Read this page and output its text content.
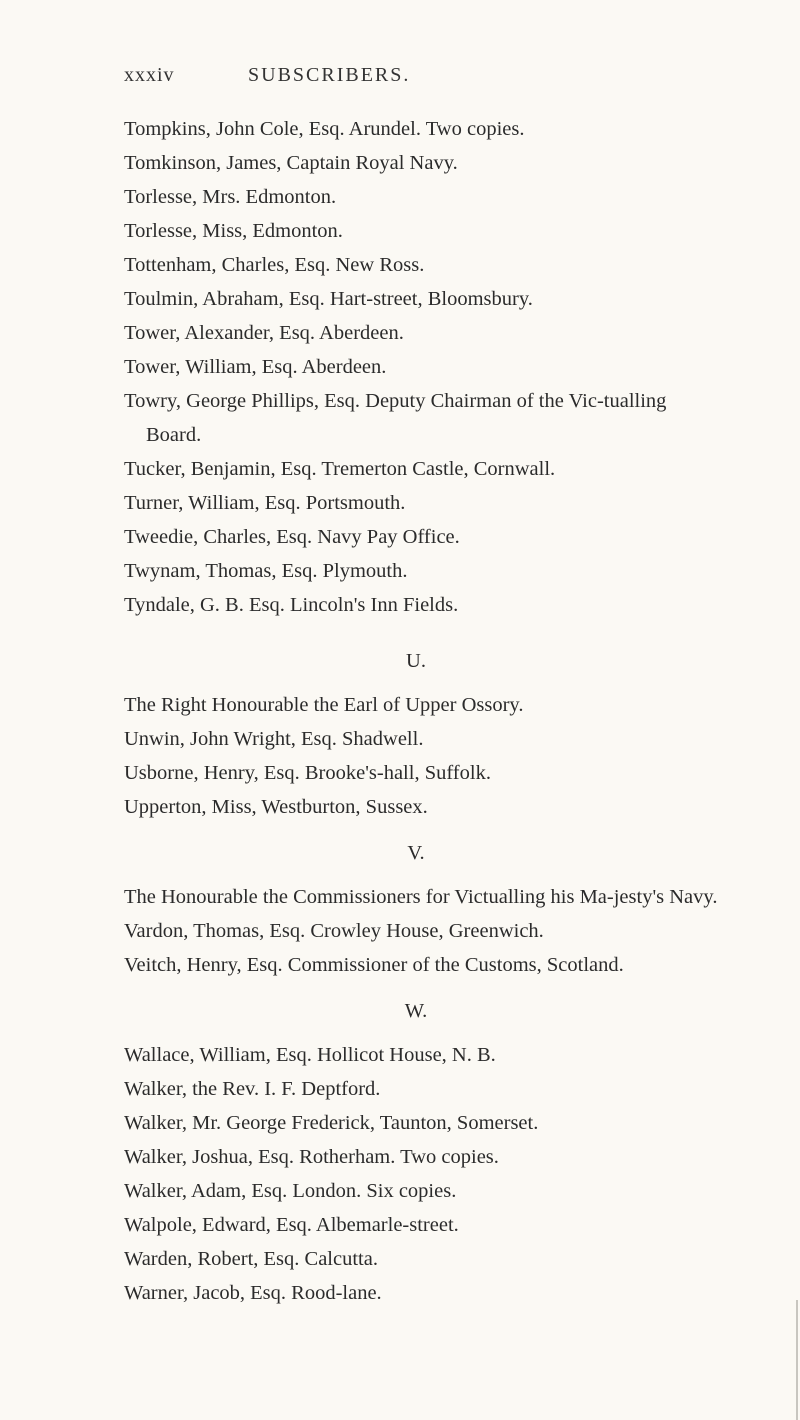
xxxiv	SUBSCRIBERS.

Tompkins, John Cole, Esq. Arundel. Two copies.

Tomkinson, James, Captain Royal Navy.

Torlesse, Mrs. Edmonton.

Torlesse, Miss, Edmonton.

Tottenham, Charles, Esq. New Ross.

Toulmin, Abraham, Esq. Hart-street, Bloomsbury.

Tower, Alexander, Esq. Aberdeen.

Tower, William, Esq. Aberdeen.

Towry, George Phillips, Esq. Deputy Chairman of the Vic-tualling Board.

Tucker, Benjamin, Esq. Tremerton Castle, Cornwall.

Turner, William, Esq. Portsmouth.

Tweedie, Charles, Esq. Navy Pay Office.

Twynam, Thomas, Esq. Plymouth.

Tyndale, G. B. Esq. Lincoln's Inn Fields.

U.

The Right Honourable the Earl of Upper Ossory.

Unwin, John Wright, Esq. Shadwell.

Usborne, Henry, Esq. Brooke's-hall, Suffolk.

Upperton, Miss, Westburton, Sussex.

V.

The Honourable the Commissioners for Victualling his Ma-jesty's Navy.

Vardon, Thomas, Esq. Crowley House, Greenwich.

Veitch, Henry, Esq. Commissioner of the Customs, Scotland.

W.

Wallace, William, Esq. Hollicot House, N. B.

Walker, the Rev. I. F. Deptford.

Walker, Mr. George Frederick, Taunton, Somerset.

Walker, Joshua, Esq. Rotherham. Two copies.

Walker, Adam, Esq. London. Six copies.

Walpole, Edward, Esq. Albemarle-street.

Warden, Robert, Esq. Calcutta.

Warner, Jacob, Esq. Rood-lane.
